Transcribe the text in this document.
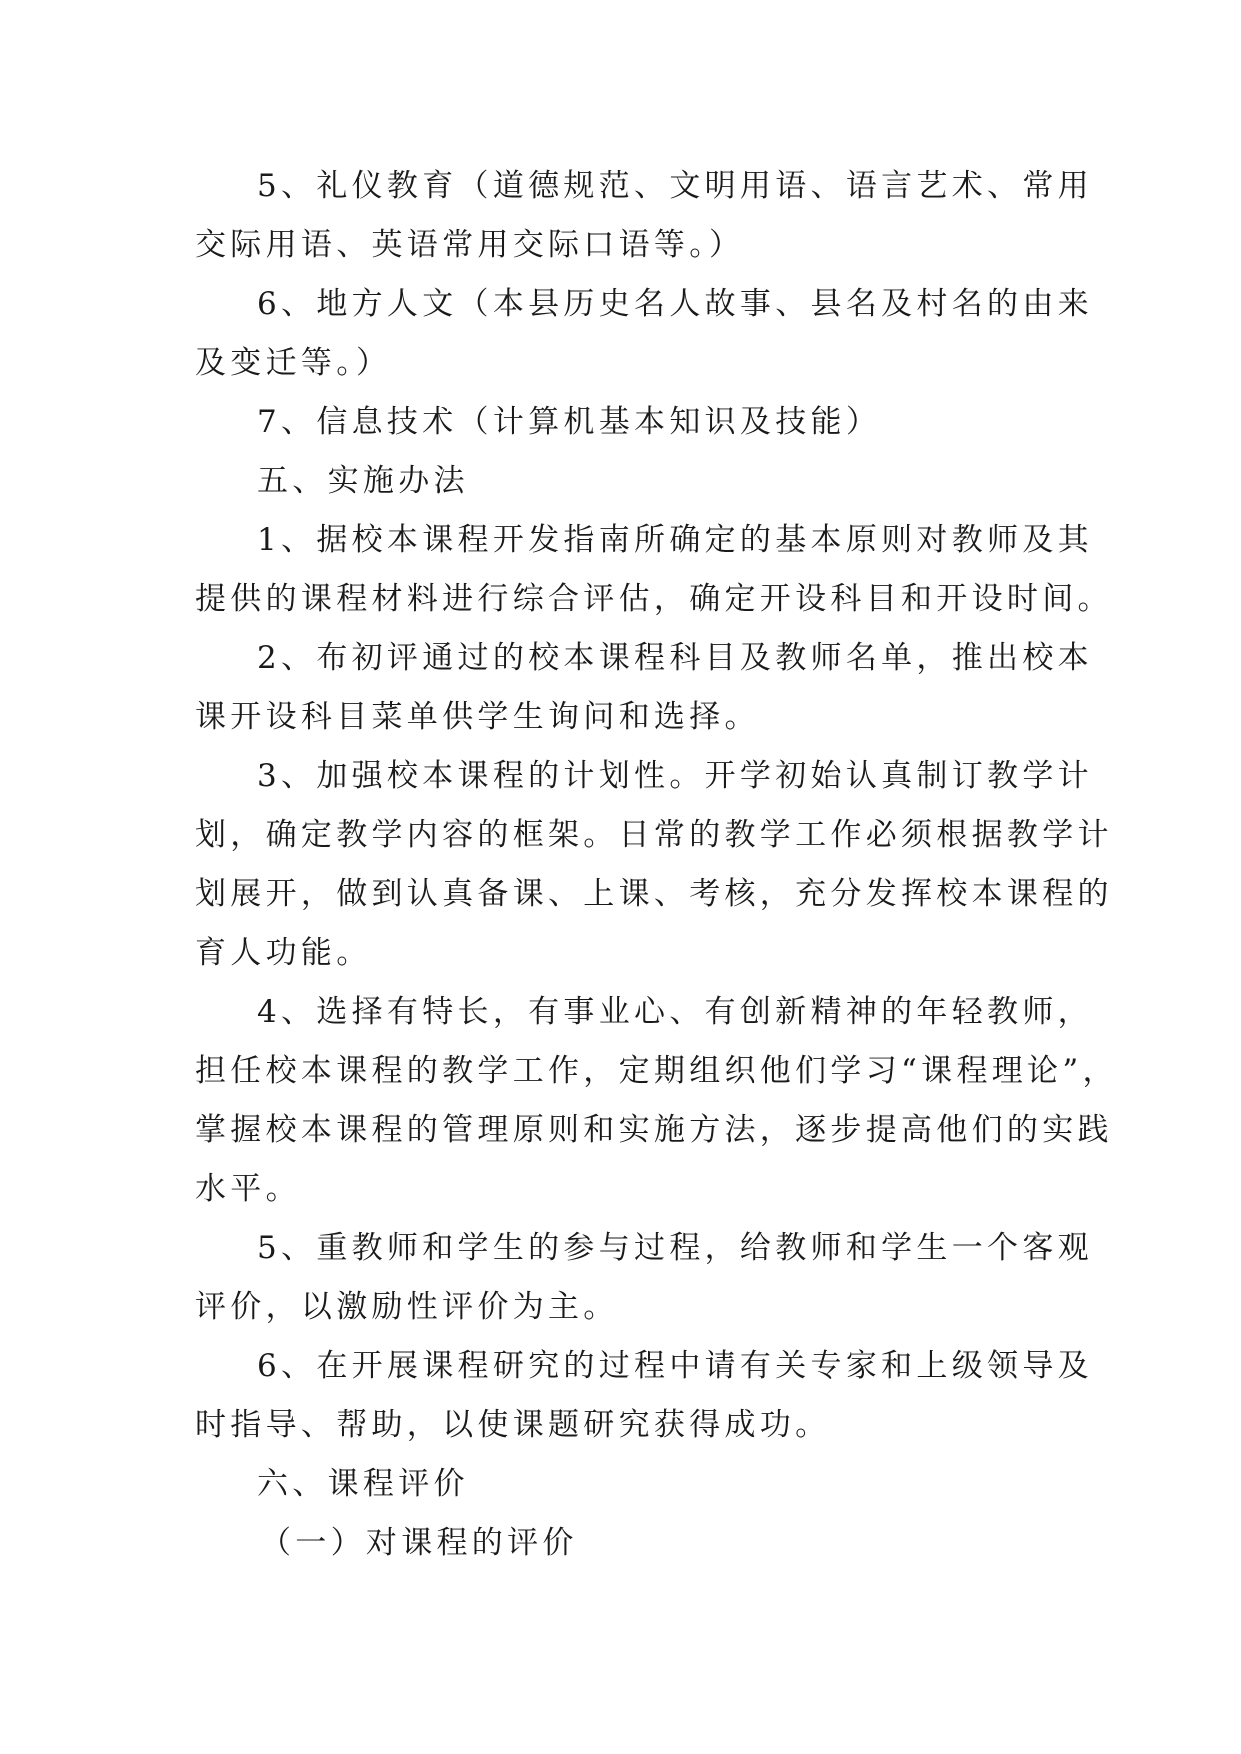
5、礼仪教育（道德规范、文明用语、语言艺术、常用
交际用语、英语常用交际口语等。）
6、地方人文（本县历史名人故事、县名及村名的由来
及变迁等。）
7、信息技术（计算机基本知识及技能）
五、实施办法
1、据校本课程开发指南所确定的基本原则对教师及其
提供的课程材料进行综合评估，确定开设科目和开设时间。
2、布初评通过的校本课程科目及教师名单，推出校本
课开设科目菜单供学生询问和选择。
3、加强校本课程的计划性。开学初始认真制订教学计
划，确定教学内容的框架。日常的教学工作必须根据教学计
划展开，做到认真备课、上课、考核，充分发挥校本课程的
育人功能。
4、选择有特长，有事业心、有创新精神的年轻教师，
担任校本课程的教学工作，定期组织他们学习“课程理论”，
掌握校本课程的管理原则和实施方法，逐步提高他们的实践
水平。
5、重教师和学生的参与过程，给教师和学生一个客观
评价，以激励性评价为主。
6、在开展课程研究的过程中请有关专家和上级领导及
时指导、帮助，以使课题研究获得成功。
六、课程评价
（一）对课程的评价
